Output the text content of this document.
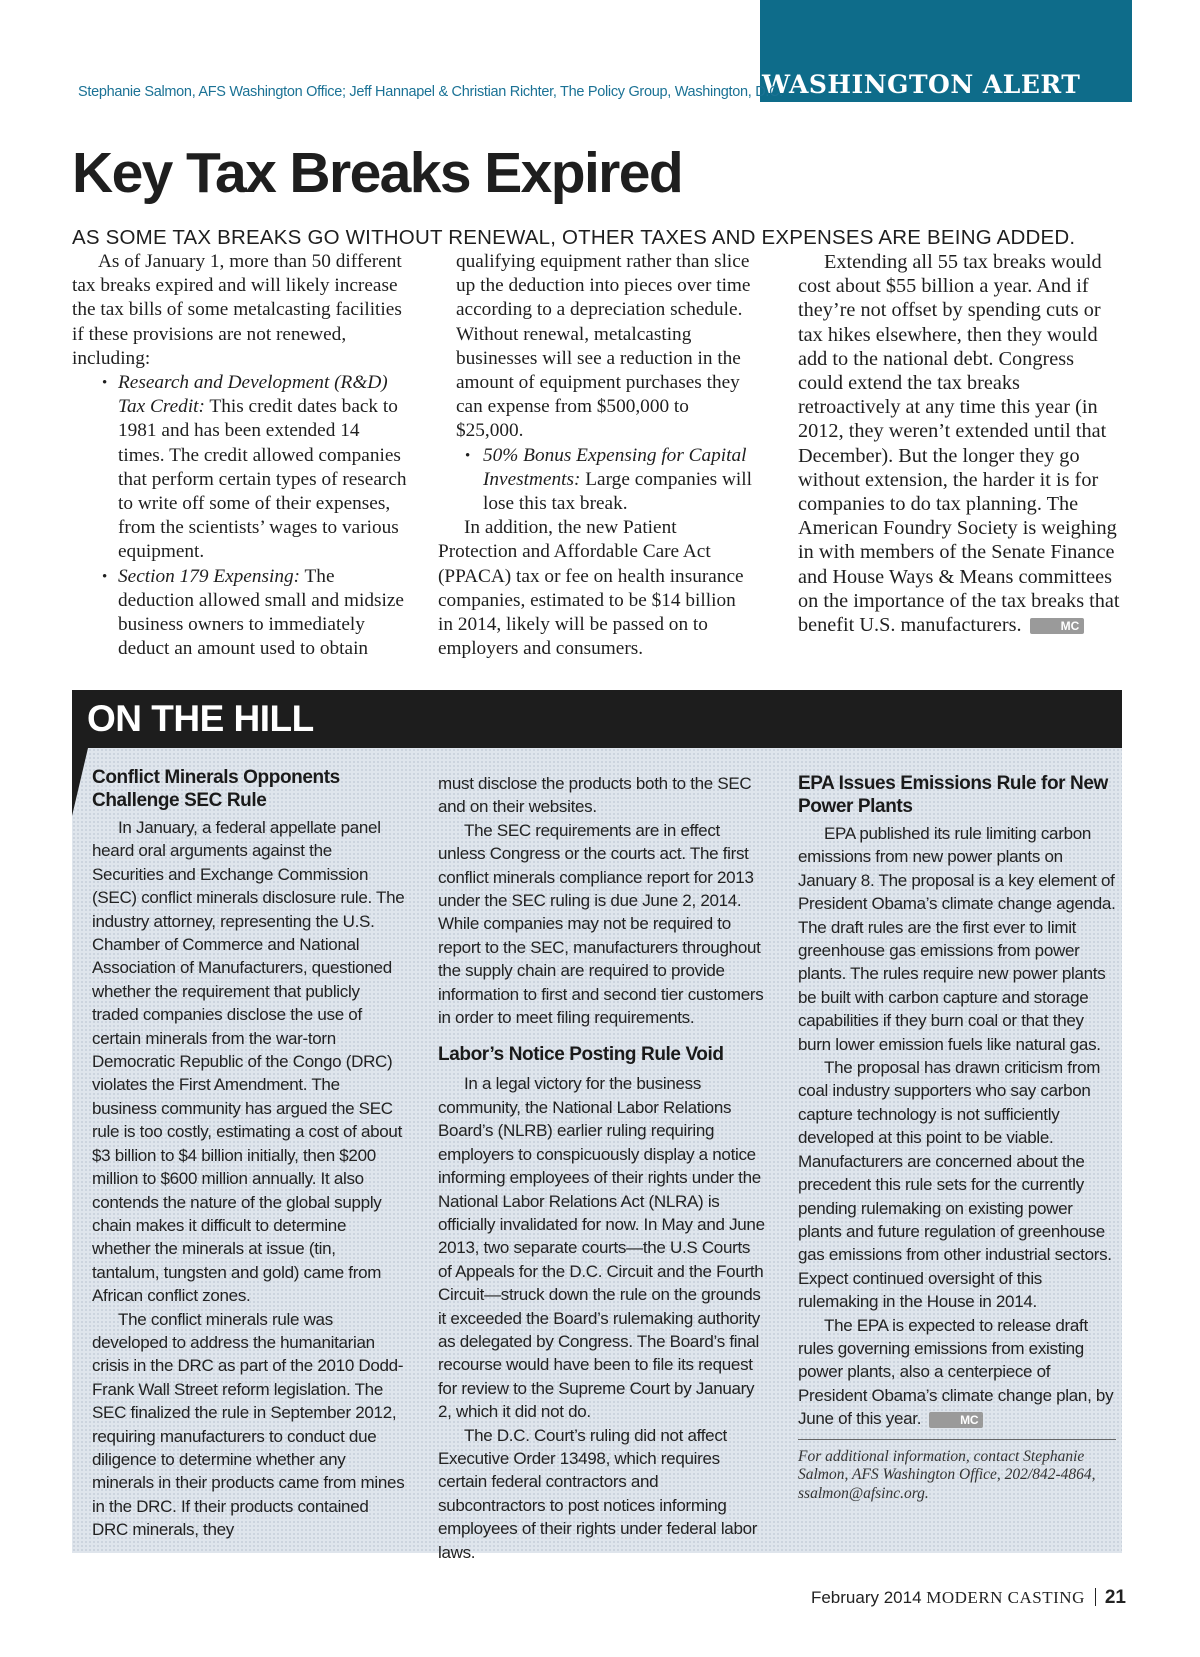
WASHINGTON ALERT
Stephanie Salmon, AFS Washington Office; Jeff Hannapel & Christian Richter, The Policy Group, Washington, D.C.
Key Tax Breaks Expired
AS SOME TAX BREAKS GO WITHOUT RENEWAL, OTHER TAXES AND EXPENSES ARE BEING ADDED.

As of January 1, more than 50 different tax breaks expired and will likely increase the tax bills of some metalcasting facilities if these provisions are not renewed, including:

• Research and Development (R&D) Tax Credit: This credit dates back to 1981 and has been extended 14 times. The credit allowed companies that perform certain types of research to write off some of their expenses, from the scientists’ wages to various equipment.
• Section 179 Expensing: The deduction allowed small and midsize business owners to immediately deduct an amount used to obtain

qualifying equipment rather than slice up the deduction into pieces over time according to a depreciation schedule. Without renewal, metalcasting businesses will see a reduction in the amount of equipment purchases they can expense from $500,000 to $25,000.

• 50% Bonus Expensing for Capital Investments: Large companies will lose this tax break.

In addition, the new Patient Protection and Affordable Care Act (PPACA) tax or fee on health insurance companies, estimated to be $14 billion in 2014, likely will be passed on to employers and consumers.

Extending all 55 tax breaks would cost about $55 billion a year. And if they’re not offset by spending cuts or tax hikes elsewhere, then they would add to the national debt. Congress could extend the tax breaks retroactively at any time this year (in 2012, they weren’t extended until that December). But the longer they go without extension, the harder it is for companies to do tax planning. The American Foundry Society is weighing in with members of the Senate Finance and House Ways & Means committees on the importance of the tax breaks that benefit U.S. manufacturers.	MC

ON THE HILL
Conflict Minerals Opponents Challenge SEC Rule

In January, a federal appellate panel heard oral arguments against the Securities and Exchange Commission (SEC) conflict minerals disclosure rule. The industry attorney, representing the U.S. Chamber of Commerce and National Association of Manufacturers, questioned whether the requirement that publicly traded companies disclose the use of certain minerals from the war-torn Democratic Republic of the Congo (DRC) violates the First Amendment. The business community has argued the SEC rule is too costly, estimating a cost of about $3 billion to $4 billion initially, then $200 million to $600 million annually. It also contends the nature of the global supply chain makes it difficult to determine whether the minerals at issue (tin, tantalum, tungsten and gold) came from African conflict zones.

The conflict minerals rule was developed to address the humanitarian crisis in the DRC as part of the 2010 Dodd-Frank Wall Street reform legislation. The SEC finalized the rule in September 2012, requiring manufacturers to conduct due diligence to determine whether any minerals in their products came from mines in the DRC. If their products contained DRC minerals, they

must disclose the products both to the SEC and on their websites.

The SEC requirements are in effect unless Congress or the courts act. The first conflict minerals compliance report for 2013 under the SEC ruling is due June 2, 2014. While companies may not be required to report to the SEC, manufacturers throughout the supply chain are required to provide information to first and second tier customers in order to meet filing requirements.

Labor’s Notice Posting Rule Void

In a legal victory for the business community, the National Labor Relations Board’s (NLRB) earlier ruling requiring employers to conspicuously display a notice informing employees of their rights under the National Labor Relations Act (NLRA) is officially invalidated for now. In May and June 2013, two separate courts—the U.S Courts of Appeals for the D.C. Circuit and the Fourth Circuit—struck down the rule on the grounds it exceeded the Board’s rulemaking authority as delegated by Congress. The Board’s final recourse would have been to file its request for review to the Supreme Court by January 2, which it did not do.

The D.C. Court’s ruling did not affect Executive Order 13498, which requires certain federal contractors and subcontractors to post notices informing employees of their rights under federal labor laws.

EPA Issues Emissions Rule for New Power Plants

EPA published its rule limiting carbon emissions from new power plants on January 8. The proposal is a key element of President Obama’s climate change agenda. The draft rules are the first ever to limit greenhouse gas emissions from power plants. The rules require new power plants be built with carbon capture and storage capabilities if they burn coal or that they burn lower emission fuels like natural gas.

The proposal has drawn criticism from coal industry supporters who say carbon capture technology is not sufficiently developed at this point to be viable. Manufacturers are concerned about the precedent this rule sets for the currently pending rulemaking on existing power plants and future regulation of greenhouse gas emissions from other industrial sectors. Expect continued oversight of this rulemaking in the House in 2014.

The EPA is expected to release draft rules governing emissions from existing power plants, also a centerpiece of President Obama’s climate change plan, by June of this year.	MC

For additional information, contact Stephanie Salmon, AFS Washington Office, 202/842-4864, ssalmon@afsinc.org.
February 2014 MODERN CASTING 21
